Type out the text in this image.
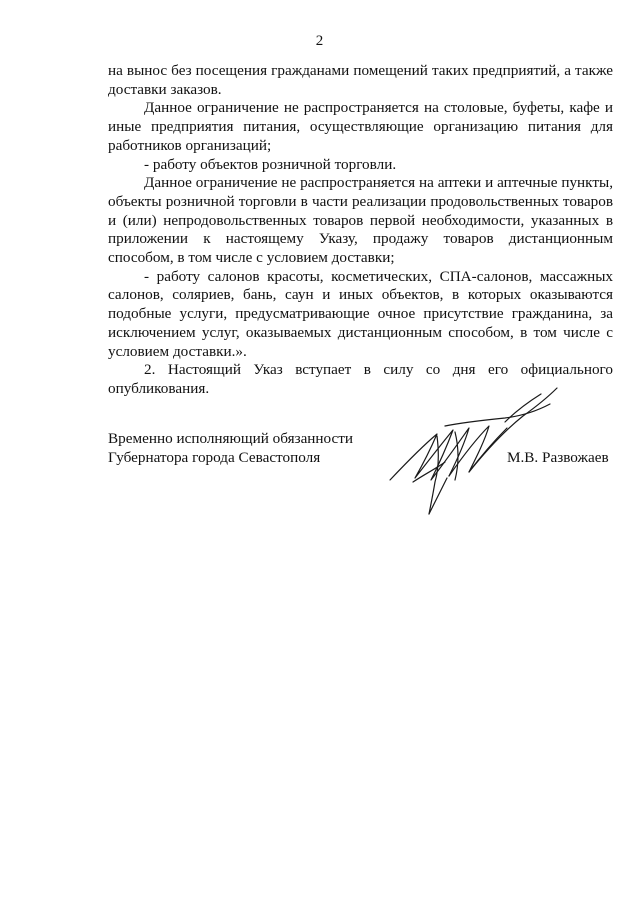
2

на вынос без посещения гражданами помещений таких предприятий, а также доставки заказов.

Данное ограничение не распространяется на столовые, буфеты, кафе и иные предприятия питания, осуществляющие организацию питания для работников организаций;

- работу объектов розничной торговли.

Данное ограничение не распространяется на аптеки и аптечные пункты, объекты розничной торговли в части реализации продовольственных товаров и (или) непродовольственных товаров первой необходимости, указанных в приложении к настоящему Указу, продажу товаров дистанционным способом, в том числе с условием доставки;

- работу салонов красоты, косметических, СПА-салонов, массажных салонов, соляриев, бань, саун и иных объектов, в которых оказываются подобные услуги, предусматривающие очное присутствие гражданина, за исключением услуг, оказываемых дистанционным способом, в том числе с условием доставки.».

2. Настоящий Указ вступает в силу со дня его официального опубликования.

Временно исполняющий обязанности
Губернатора города Севастополя	М.В. Развожаев
